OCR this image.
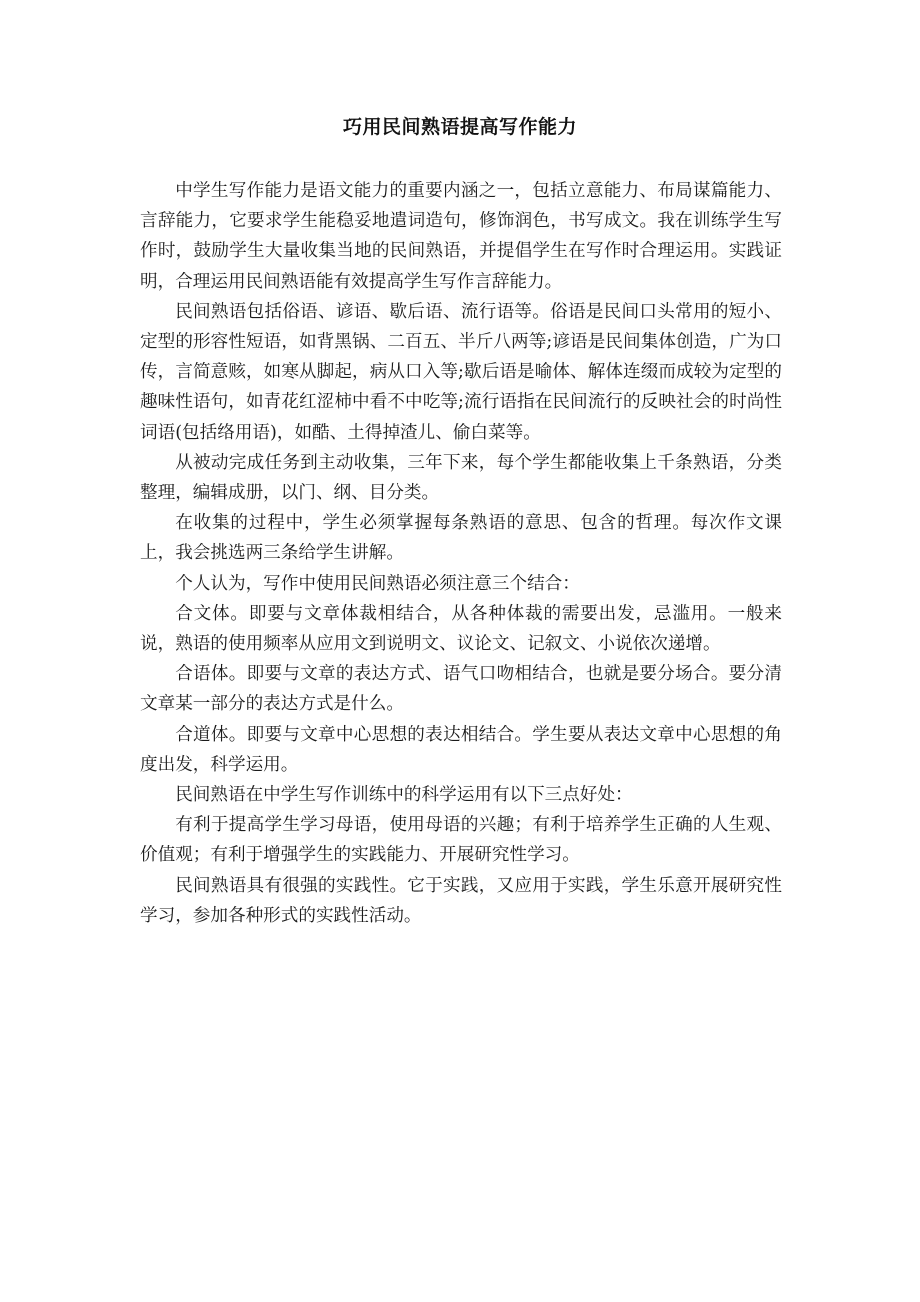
巧用民间熟语提高写作能力

中学生写作能力是语文能力的重要内涵之一，包括立意能力、布局谋篇能力、言辞能力，它要求学生能稳妥地遣词造句，修饰润色，书写成文。我在训练学生写作时，鼓励学生大量收集当地的民间熟语，并提倡学生在写作时合理运用。实践证明，合理运用民间熟语能有效提高学生写作言辞能力。

民间熟语包括俗语、谚语、歇后语、流行语等。俗语是民间口头常用的短小、定型的形容性短语，如背黑锅、二百五、半斤八两等;谚语是民间集体创造，广为口传，言简意赅，如寒从脚起，病从口入等;歇后语是喻体、解体连缀而成较为定型的趣味性语句，如青花红涩柿中看不中吃等;流行语指在民间流行的反映社会的时尚性词语(包括络用语)，如酷、土得掉渣儿、偷白菜等。

从被动完成任务到主动收集，三年下来，每个学生都能收集上千条熟语，分类整理，编辑成册，以门、纲、目分类。

在收集的过程中，学生必须掌握每条熟语的意思、包含的哲理。每次作文课上，我会挑选两三条给学生讲解。

个人认为，写作中使用民间熟语必须注意三个结合：

合文体。即要与文章体裁相结合，从各种体裁的需要出发，忌滥用。一般来说，熟语的使用频率从应用文到说明文、议论文、记叙文、小说依次递增。

合语体。即要与文章的表达方式、语气口吻相结合，也就是要分场合。要分清文章某一部分的表达方式是什么。

合道体。即要与文章中心思想的表达相结合。学生要从表达文章中心思想的角度出发，科学运用。

民间熟语在中学生写作训练中的科学运用有以下三点好处：

有利于提高学生学习母语，使用母语的兴趣；有利于培养学生正确的人生观、价值观；有利于增强学生的实践能力、开展研究性学习。

民间熟语具有很强的实践性。它于实践，又应用于实践，学生乐意开展研究性学习，参加各种形式的实践性活动。
